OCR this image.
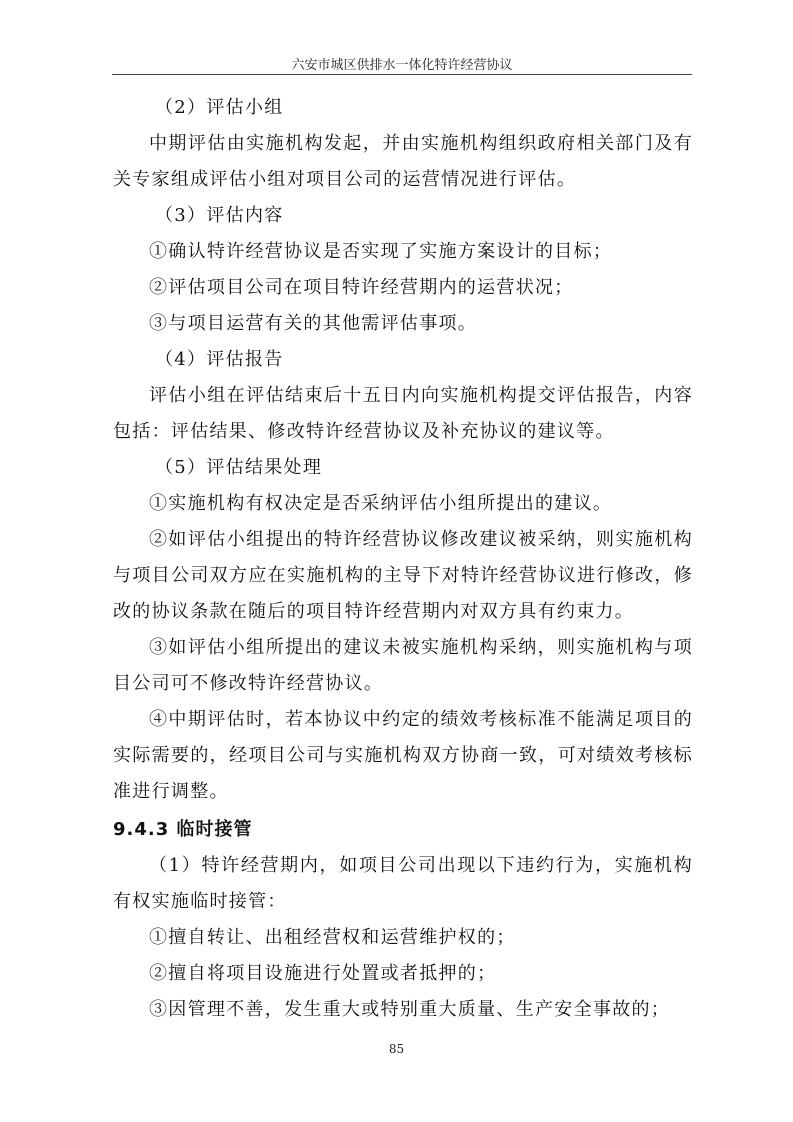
六安市城区供排水一体化特许经营协议

（2）评估小组

中期评估由实施机构发起，并由实施机构组织政府相关部门及有关专家组成评估小组对项目公司的运营情况进行评估。

（3）评估内容

①确认特许经营协议是否实现了实施方案设计的目标；

②评估项目公司在项目特许经营期内的运营状况；

③与项目运营有关的其他需评估事项。

（4）评估报告

评估小组在评估结束后十五日内向实施机构提交评估报告，内容包括：评估结果、修改特许经营协议及补充协议的建议等。

（5）评估结果处理

①实施机构有权决定是否采纳评估小组所提出的建议。

②如评估小组提出的特许经营协议修改建议被采纳，则实施机构与项目公司双方应在实施机构的主导下对特许经营协议进行修改，修改的协议条款在随后的项目特许经营期内对双方具有约束力。

③如评估小组所提出的建议未被实施机构采纳，则实施机构与项目公司可不修改特许经营协议。

④中期评估时，若本协议中约定的绩效考核标准不能满足项目的实际需要的，经项目公司与实施机构双方协商一致，可对绩效考核标准进行调整。

9.4.3 临时接管

（1）特许经营期内，如项目公司出现以下违约行为，实施机构有权实施临时接管：

①擅自转让、出租经营权和运营维护权的；

②擅自将项目设施进行处置或者抵押的；

③因管理不善，发生重大或特别重大质量、生产安全事故的；

85
